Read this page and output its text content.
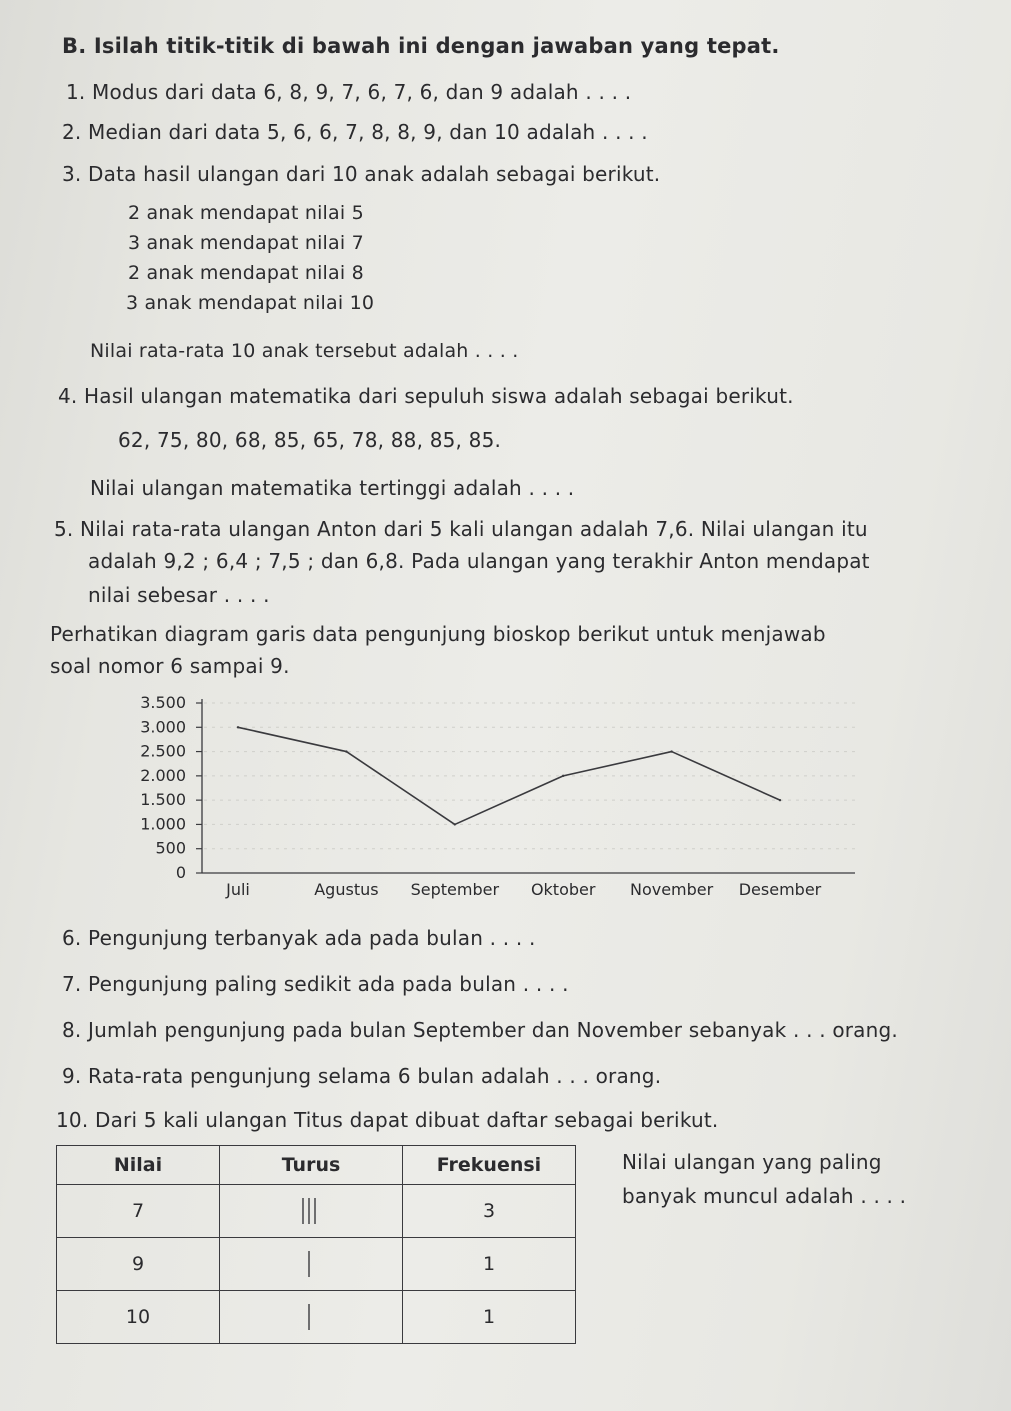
B. Isilah titik-titik di bawah ini dengan jawaban yang tepat.
1. Modus dari data 6, 8, 9, 7, 6, 7, 6, dan 9 adalah . . . .
2. Median dari data 5, 6, 6, 7, 8, 8, 9, dan 10 adalah . . . .
3. Data hasil ulangan dari 10 anak adalah sebagai berikut.
2 anak mendapat nilai 5
3 anak mendapat nilai 7
2 anak mendapat nilai 8
3 anak mendapat nilai 10
Nilai rata-rata 10 anak tersebut adalah . . . .
4. Hasil ulangan matematika dari sepuluh siswa adalah sebagai berikut.
62, 75, 80, 68, 85, 65, 78, 88, 85, 85.
Nilai ulangan matematika tertinggi adalah . . . .
5. Nilai rata-rata ulangan Anton dari 5 kali ulangan adalah 7,6. Nilai ulangan itu
adalah 9,2 ; 6,4 ; 7,5 ; dan 6,8. Pada ulangan yang terakhir Anton mendapat
nilai sebesar . . . .
Perhatikan diagram garis data pengunjung bioskop berikut untuk menjawab
soal nomor 6 sampai 9.
0
500
1.000
1.500
2.000
2.500
3.000
3.500
Juli	Agustus September Oktober November Desember
6. Pengunjung terbanyak ada pada bulan . . . .
7. Pengunjung paling sedikit ada pada bulan . . . .
8. Jumlah pengunjung pada bulan September dan November sebanyak . . . orang.
9. Rata-rata pengunjung selama 6 bulan adalah . . . orang.
10. Dari 5 kali ulangan Titus dapat dibuat daftar sebagai berikut.
Nilai	Turus	Frekuensi
7		3
9		1
10		1
Nilai ulangan yang paling
banyak muncul adalah . . . .
